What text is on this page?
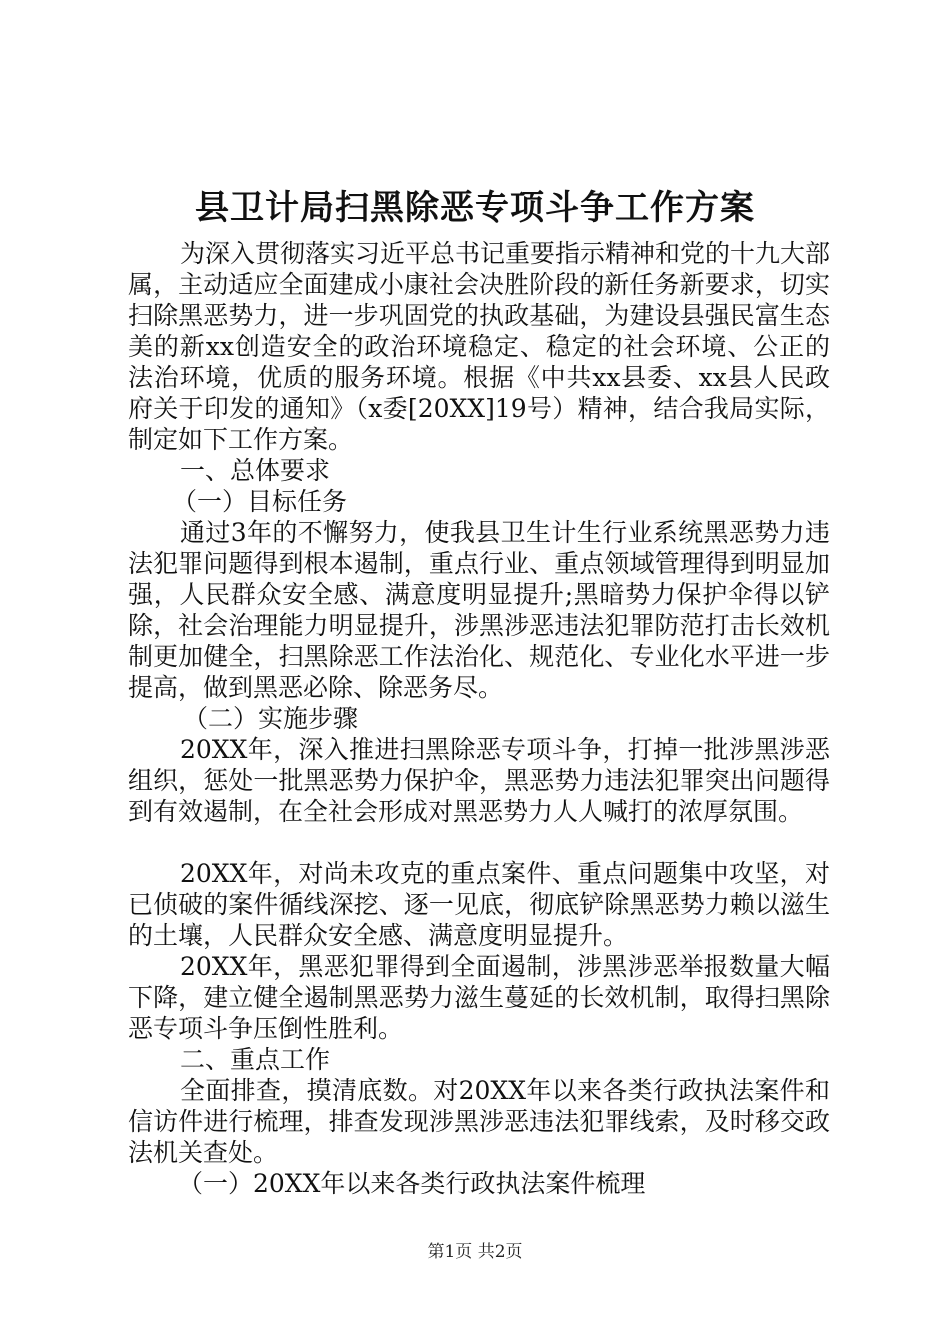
县卫计局扫黑除恶专项斗争工作方案

为深入贯彻落实习近平总书记重要指示精神和党的十九大部属，主动适应全面建成小康社会决胜阶段的新任务新要求，切实扫除黑恶势力，进一步巩固党的执政基础，为建设县强民富生态美的新xx创造安全的政治环境稳定、稳定的社会环境、公正的法治环境，优质的服务环境。根据《中共xx县委、xx县人民政府关于印发的通知》（x委[20XX]19号）精神，结合我局实际，制定如下工作方案。

一、总体要求

（一）目标任务

通过3年的不懈努力，使我县卫生计生行业系统黑恶势力违法犯罪问题得到根本遏制，重点行业、重点领域管理得到明显加强，人民群众安全感、满意度明显提升;黑暗势力保护伞得以铲除，社会治理能力明显提升，涉黑涉恶违法犯罪防范打击长效机制更加健全，扫黑除恶工作法治化、规范化、专业化水平进一步提高，做到黑恶必除、除恶务尽。

（二）实施步骤

20XX年，深入推进扫黑除恶专项斗争，打掉一批涉黑涉恶组织，惩处一批黑恶势力保护伞，黑恶势力违法犯罪突出问题得到有效遏制，在全社会形成对黑恶势力人人喊打的浓厚氛围。

20XX年，对尚未攻克的重点案件、重点问题集中攻坚，对已侦破的案件循线深挖、逐一见底，彻底铲除黑恶势力赖以滋生的土壤，人民群众安全感、满意度明显提升。

20XX年，黑恶犯罪得到全面遏制，涉黑涉恶举报数量大幅下降，建立健全遏制黑恶势力滋生蔓延的长效机制，取得扫黑除恶专项斗争压倒性胜利。

二、重点工作

全面排查，摸清底数。对20XX年以来各类行政执法案件和信访件进行梳理，排查发现涉黑涉恶违法犯罪线索，及时移交政法机关查处。

（一）20XX年以来各类行政执法案件梳理

第1页 共2页
